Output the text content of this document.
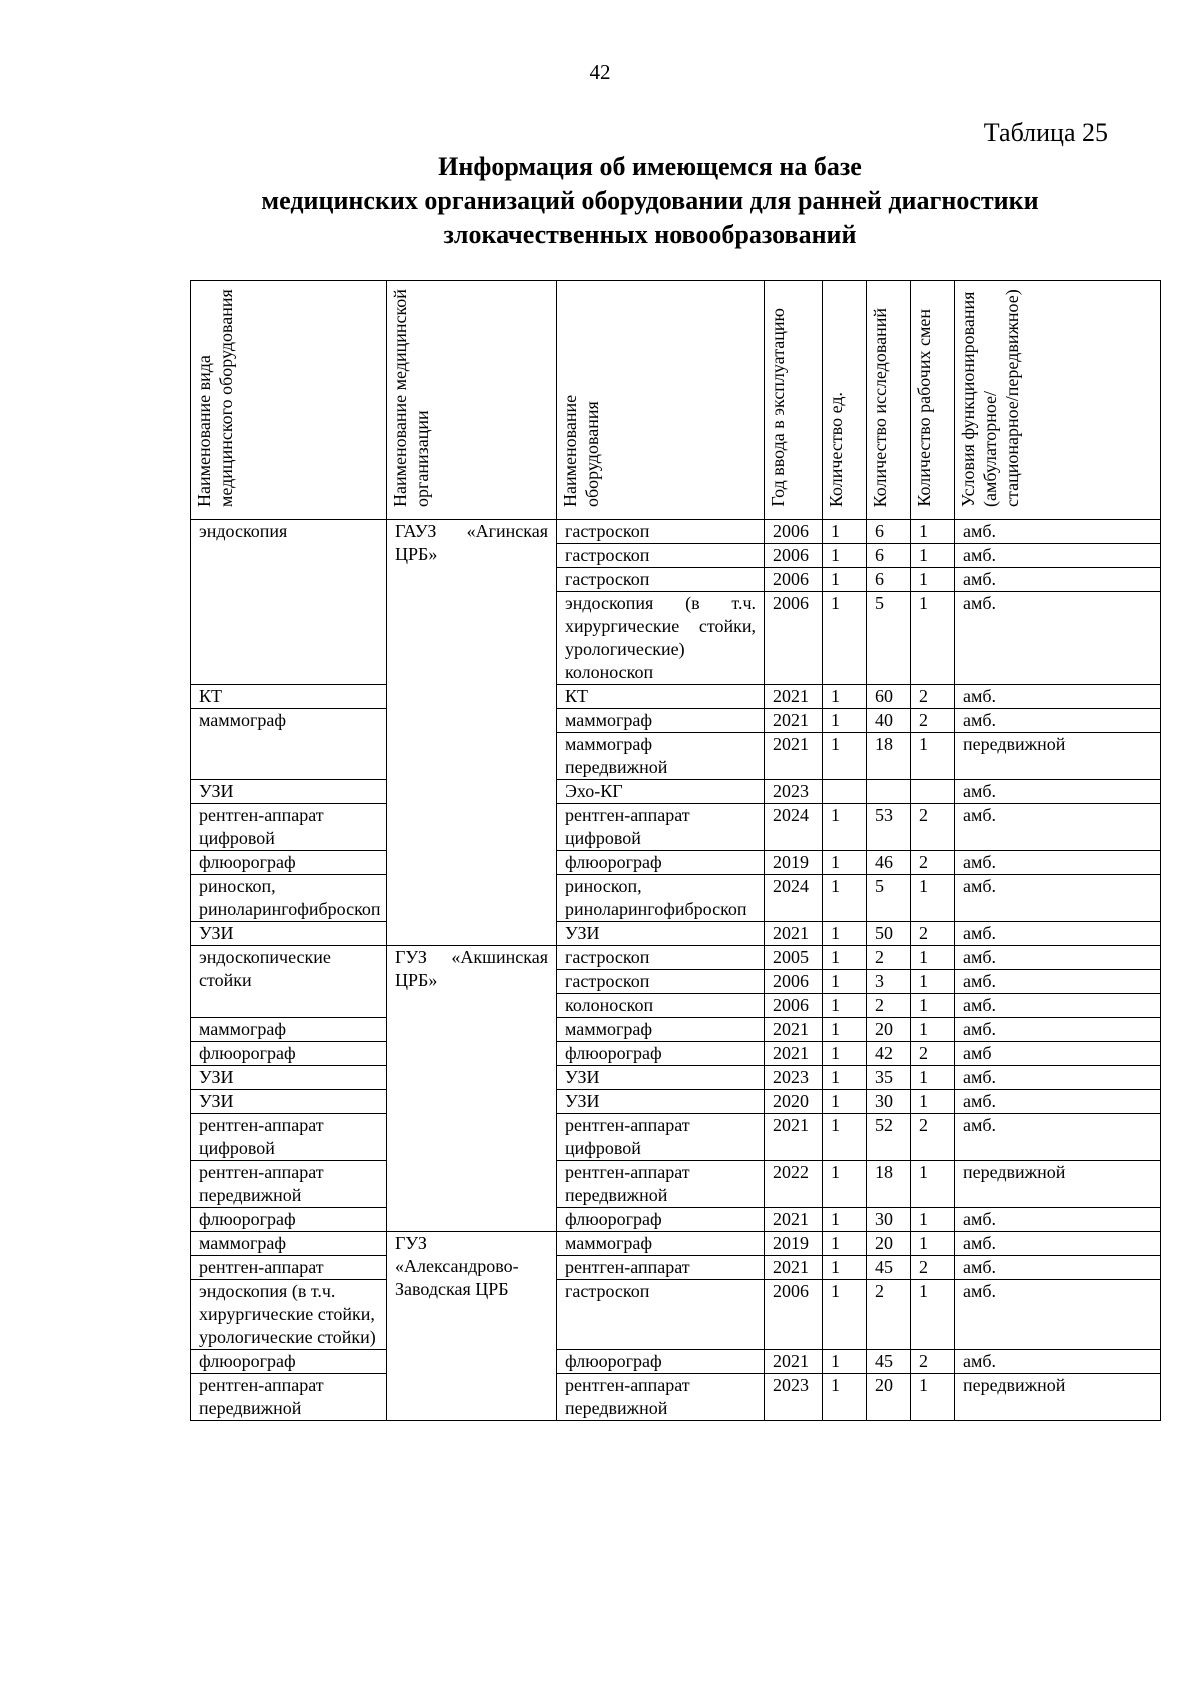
42
Таблица 25
Информация об имеющемся на базе
медицинских организаций оборудовании для ранней диагностики
злокачественных новообразований
Наименование вида медицинского оборудования	Наименование медицинской организации	Наименование оборудования	Год ввода в эксплуатацию	Количество ед.	Количество исследований	Количество рабочих смен	Условия функционирования (амбулаторное/стационарное/передвижное)
эндоскопия	ГАУЗ «Агинская ЦРБ»	гастроскоп	2006	1	6	1	амб.
		гастроскоп	2006	1	6	1	амб.
		гастроскоп	2006	1	6	1	амб.
		эндоскопия (в т.ч. хирургические стойки, урологические) колоноскоп	2006	1	5	1	амб.
КТ		КТ	2021	1	60	2	амб.
маммограф		маммограф	2021	1	40	2	амб.
		маммограф передвижной	2021	1	18	1	передвижной
УЗИ		Эхо-КГ	2023				амб.
рентген-аппарат цифровой		рентген-аппарат цифровой	2024	1	53	2	амб.
флюорограф		флюорограф	2019	1	46	2	амб.
риноскоп, риноларингофиброскоп		риноскоп, риноларингофиброскоп	2024	1	5	1	амб.
УЗИ		УЗИ	2021	1	50	2	амб.
эндоскопические стойки	ГУЗ «Акшинская ЦРБ»	гастроскоп	2005	1	2	1	амб.
		гастроскоп	2006	1	3	1	амб.
		колоноскоп	2006	1	2	1	амб.
маммограф		маммограф	2021	1	20	1	амб.
флюорограф		флюорограф	2021	1	42	2	амб
УЗИ		УЗИ	2023	1	35	1	амб.
УЗИ		УЗИ	2020	1	30	1	амб.
рентген-аппарат цифровой		рентген-аппарат цифровой	2021	1	52	2	амб.
рентген-аппарат передвижной		рентген-аппарат передвижной	2022	1	18	1	передвижной
флюорограф		флюорограф	2021	1	30	1	амб.
маммограф	ГУЗ «Александрово-Заводская ЦРБ	маммограф	2019	1	20	1	амб.
рентген-аппарат		рентген-аппарат	2021	1	45	2	амб.
эндоскопия (в т.ч. хирургические стойки, урологические стойки)		гастроскоп	2006	1	2	1	амб.
флюорограф		флюорограф	2021	1	45	2	амб.
рентген-аппарат передвижной		рентген-аппарат передвижной	2023	1	20	1	передвижной
